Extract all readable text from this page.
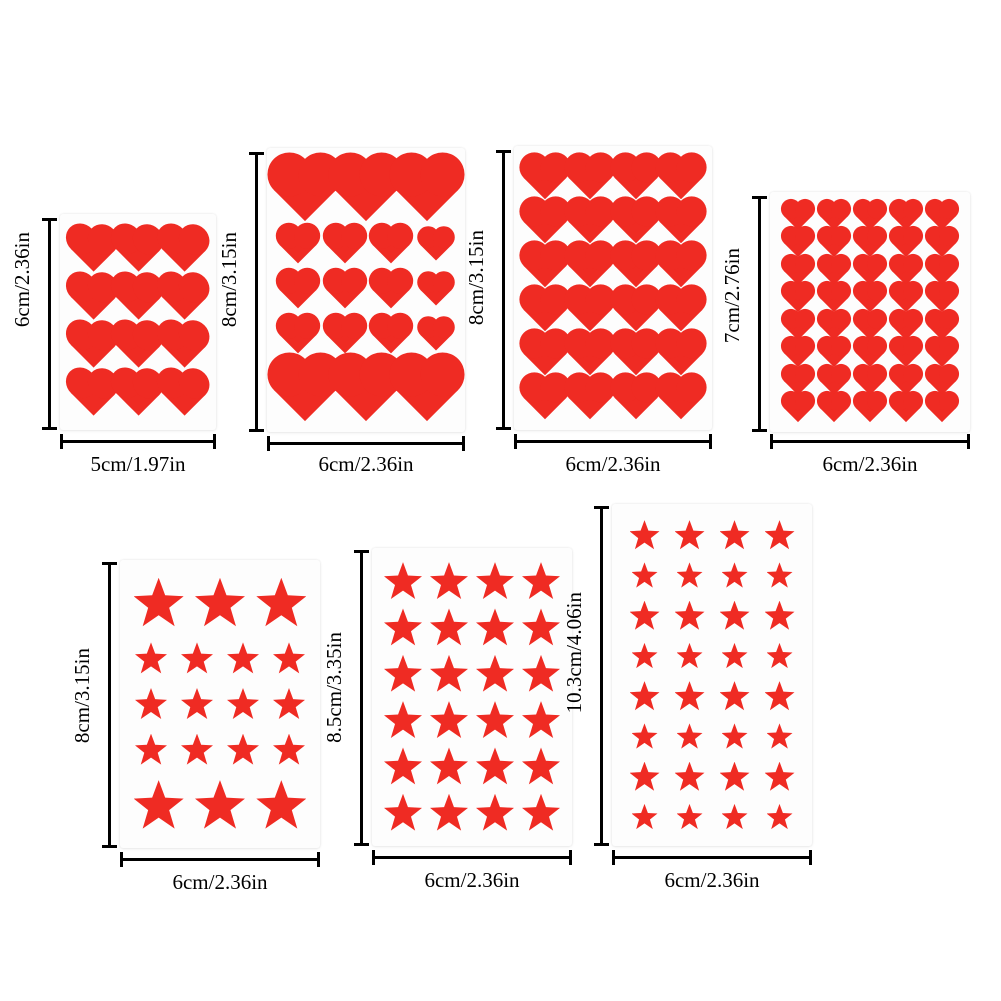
6cm/2.36in
5cm/1.97in
8cm/3.15in
6cm/2.36in
8cm/3.15in
6cm/2.36in
7cm/2.76in
6cm/2.36in
8cm/3.15in
6cm/2.36in
8.5cm/3.35in
6cm/2.36in
10.3cm/4.06in
6cm/2.36in
